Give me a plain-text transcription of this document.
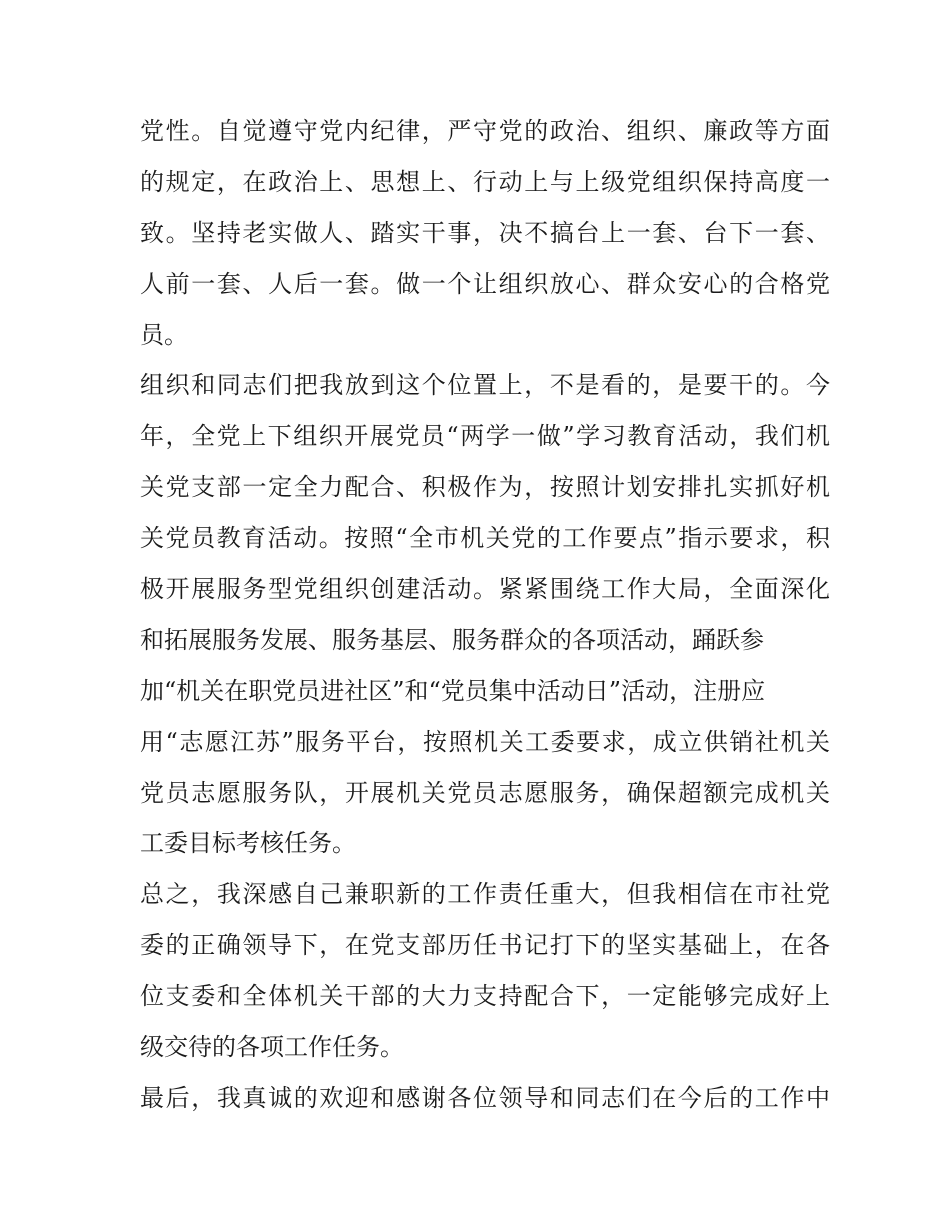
党性。自觉遵守党内纪律，严守党的政治、组织、廉政等方面
的规定，在政治上、思想上、行动上与上级党组织保持高度一
致。坚持老实做人、踏实干事，决不搞台上一套、台下一套、
人前一套、人后一套。做一个让组织放心、群众安心的合格党
员。
组织和同志们把我放到这个位置上，不是看的，是要干的。今
年，全党上下组织开展党员“两学一做”学习教育活动，我们机
关党支部一定全力配合、积极作为，按照计划安排扎实抓好机
关党员教育活动。按照“全市机关党的工作要点”指示要求，积
极开展服务型党组织创建活动。紧紧围绕工作大局，全面深化
和拓展服务发展、服务基层、服务群众的各项活动，踊跃参
加“机关在职党员进社区”和“党员集中活动日”活动，注册应
用“志愿江苏”服务平台，按照机关工委要求，成立供销社机关
党员志愿服务队，开展机关党员志愿服务，确保超额完成机关
工委目标考核任务。
总之，我深感自己兼职新的工作责任重大，但我相信在市社党
委的正确领导下，在党支部历任书记打下的坚实基础上，在各
位支委和全体机关干部的大力支持配合下，一定能够完成好上
级交待的各项工作任务。
最后，我真诚的欢迎和感谢各位领导和同志们在今后的工作中
